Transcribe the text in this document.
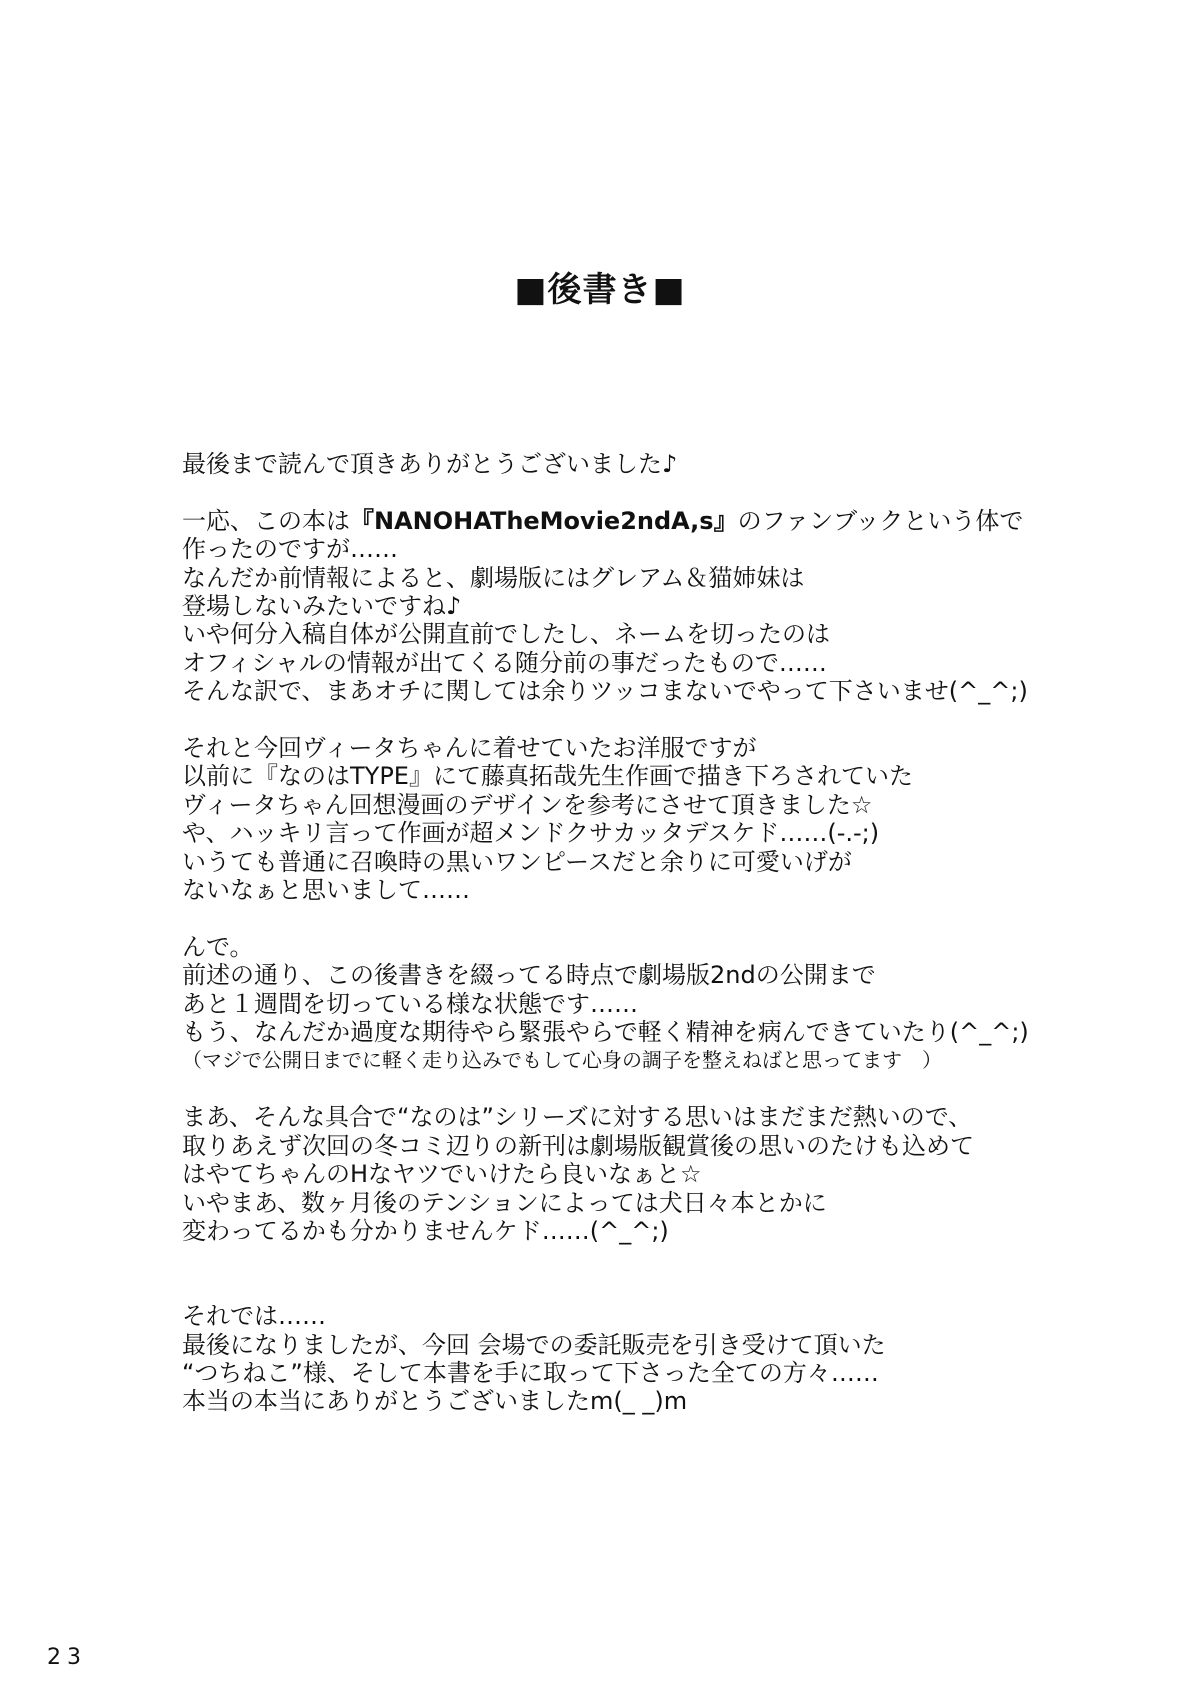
■後書き■
最後まで読んで頂きありがとうございました♪
一応、この本は『NANOHATheMovie2ndA,s』のファンブックという体で
作ったのですが……
なんだか前情報によると、劇場版にはグレアム＆猫姉妹は
登場しないみたいですね♪
いや何分入稿自体が公開直前でしたし、ネームを切ったのは
オフィシャルの情報が出てくる随分前の事だったもので……
そんな訳で、まあオチに関しては余りツッコまないでやって下さいませ(^_^;)
それと今回ヴィータちゃんに着せていたお洋服ですが
以前に『なのはTYPE』にて藤真拓哉先生作画で描き下ろされていた
ヴィータちゃん回想漫画のデザインを参考にさせて頂きました☆
や、ハッキリ言って作画が超メンドクサカッタデスケド……(-.-;)
いうても普通に召喚時の黒いワンピースだと余りに可愛いげが
ないなぁと思いまして……
んで。
前述の通り、この後書きを綴ってる時点で劇場版2ndの公開まで
あと１週間を切っている様な状態です……
もう、なんだか過度な期待やら緊張やらで軽く精神を病んできていたり(^_^;)
（マジで公開日までに軽く走り込みでもして心身の調子を整えねばと思ってます　）
まあ、そんな具合で“なのは”シリーズに対する思いはまだまだ熱いので、
取りあえず次回の冬コミ辺りの新刊は劇場版観賞後の思いのたけも込めて
はやてちゃんのHなヤツでいけたら良いなぁと☆
いやまあ、数ヶ月後のテンションによっては犬日々本とかに
変わってるかも分かりませんケド……(^_^;)
それでは……
最後になりましたが、今回 会場での委託販売を引き受けて頂いた
“つちねこ”様、そして本書を手に取って下さった全ての方々……
本当の本当にありがとうございましたm(_ _)m
23
